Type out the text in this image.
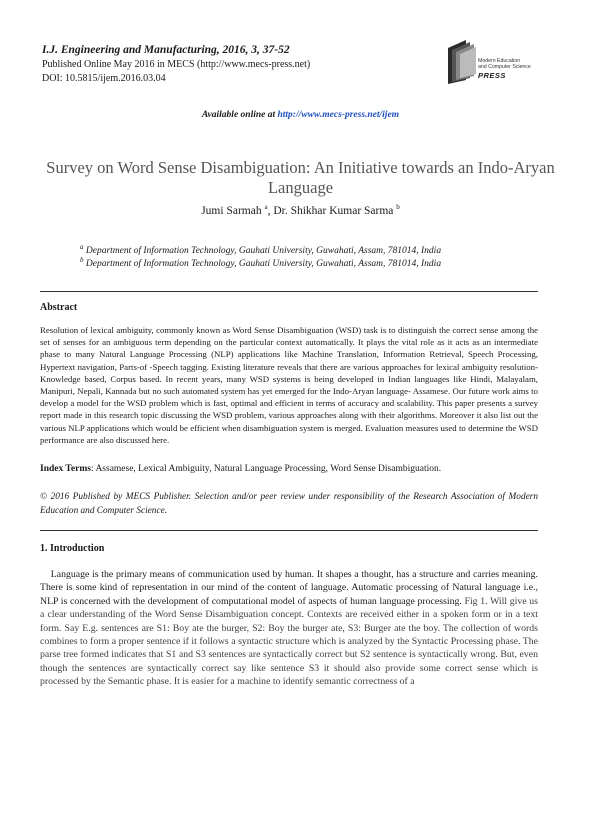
I.J. Engineering and Manufacturing, 2016, 3, 37-52
Published Online May 2016 in MECS (http://www.mecs-press.net)
DOI: 10.5815/ijem.2016.03.04
Modern Education
and Computer Science
PRESS
Available online at http://www.mecs-press.net/ijem
Survey on Word Sense Disambiguation: An Initiative towards an Indo-Aryan Language
Jumi Sarmah $^a$, Dr. Shikhar Kumar Sarma $^b$
$^a$ Department of Information Technology, Gauhati University, Guwahati, Assam, 781014, India
$^b$ Department of Information Technology, Gauhati University, Guwahati, Assam, 781014, India
Abstract
Resolution of lexical ambiguity, commonly known as Word Sense Disambiguation (WSD) task is to distinguish the correct sense among the set of senses for an ambiguous term depending on the particular context automatically. It plays the vital role as it acts as an intermediate phase to many Natural Language Processing (NLP) applications like Machine Translation, Information Retrieval, Speech Processing, Hypertext navigation, Parts-of -Speech tagging. Existing literature reveals that there are various approaches for lexical ambiguity resolution-Knowledge based, Corpus based. In recent years, many WSD systems is being developed in Indian languages like Hindi, Malayalam, Manipuri, Nepali, Kannada but no such automated system has yet emerged for the Indo-Aryan language- Assamese. Our future work aims to develop a model for the WSD problem which is fast, optimal and efficient in terms of accuracy and scalability. This paper presents a survey report made in this research topic discussing the WSD problem, various approaches along with their algorithms. Moreover it also list out the various NLP applications which would be efficient when disambiguation system is merged. Evaluation measures used to determine the WSD performance are also discussed here.
Index Terms: Assamese, Lexical Ambiguity, Natural Language Processing, Word Sense Disambiguation.
© 2016 Published by MECS Publisher. Selection and/or peer review under responsibility of the Research Association of Modern Education and Computer Science.
1. Introduction
Language is the primary means of communication used by human. It shapes a thought, has a structure and carries meaning. There is some kind of representation in our mind of the content of language. Automatic processing of Natural language i.e., NLP is concerned with the development of computational model of aspects of human language processing. Fig 1. Will give us a clear understanding of the Word Sense Disambiguation concept. Contexts are received either in a spoken form or in a text form. Say E.g. sentences are S1: Boy ate the burger, S2: Boy the burger ate, S3: Burger ate the boy. The collection of words combines to form a proper sentence if it follows a syntactic structure which is analyzed by the Syntactic Processing phase. The parse tree formed indicates that S1 and S3 sentences are syntactically correct but S2 sentence is syntactically wrong. But, even though the sentences are syntactically correct say like sentence S3 it should also provide some correct sense which is processed by the Semantic phase. It is easier for a machine to identify semantic correctness of a
